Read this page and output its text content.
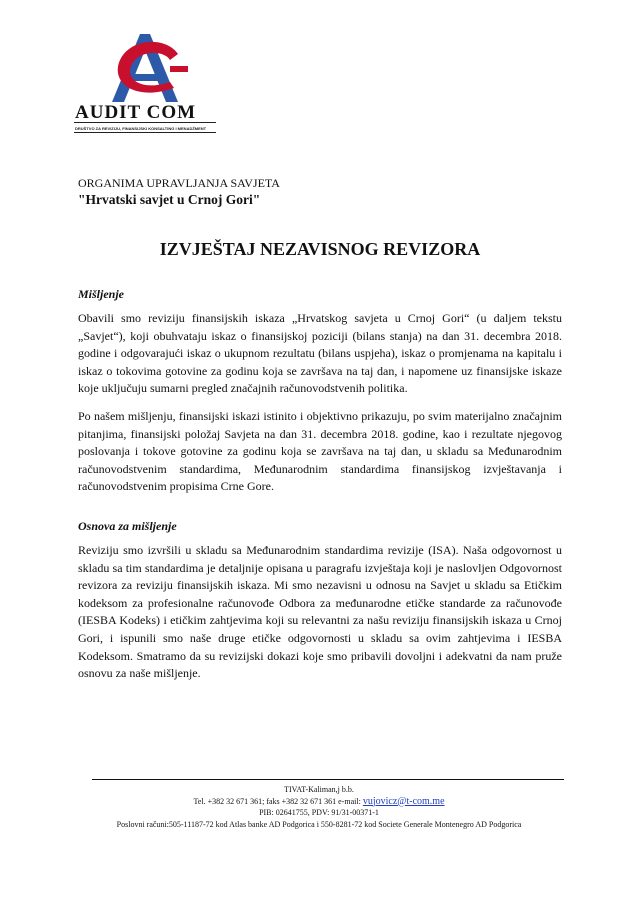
AUDIT COM
DRUŠTVO ZA REVIZIJU, FINANSIJSKI KONSALTING I MENADŽMENT

ORGANIMA UPRAVLJANJA SAVJETA

"Hrvatski savjet u Crnoj Gori"

IZVJEŠTAJ NEZAVISNOG REVIZORA
Mišljenje

Obavili smo reviziju finansijskih iskaza „Hrvatskog savjeta u Crnoj Gori“ (u daljem tekstu „Savjet“), koji obuhvataju iskaz o finansijskoj poziciji (bilans stanja) na dan 31. decembra 2018. godine i odgovarajući iskaz o ukupnom rezultatu (bilans uspjeha), iskaz o promjenama na kapitalu i iskaz o tokovima gotovine za godinu koja se završava na taj dan, i napomene uz finansijske iskaze koje uključuju sumarni pregled značajnih računovodstvenih politika.

Po našem mišljenju, finansijski iskazi istinito i objektivno prikazuju, po svim materijalno značajnim pitanjima, finansijski položaj Savjeta na dan 31. decembra 2018. godine, kao i rezultate njegovog poslovanja i tokove gotovine za godinu koja se završava na taj dan, u skladu sa Međunarodnim računovodstvenim standardima, Međunarodnim standardima finansijskog izvještavanja i računovodstvenim propisima Crne Gore.

Osnova za mišljenje

Reviziju smo izvršili u skladu sa Međunarodnim standardima revizije (ISA). Naša odgovornost u skladu sa tim standardima je detaljnije opisana u paragrafu izvještaja koji je naslovljen Odgovornost revizora za reviziju finansijskih iskaza. Mi smo nezavisni u odnosu na Savjet u skladu sa Etičkim kodeksom za profesionalne računovođe Odbora za međunarodne etičke standarde za računovođe (IESBA Kodeks) i etičkim zahtjevima koji su relevantni za našu reviziju finansijskih iskaza u Crnoj Gori, i ispunili smo naše druge etičke odgovornosti u skladu sa ovim zahtjevima i IESBA Kodeksom. Smatramo da su revizijski dokazi koje smo pribavili dovoljni i adekvatni da nam pruže osnovu za naše mišljenje.

TIVAT-Kaliman,j b.b.
Tel. +382 32 671 361; faks +382 32 671 361 e-mail: vujovicz@t-com.me
PIB: 02641755, PDV: 91/31-00371-1
Poslovni računi:505-11187-72 kod Atlas banke AD Podgorica i 550-8281-72 kod Societe Generale Montenegro AD Podgorica
